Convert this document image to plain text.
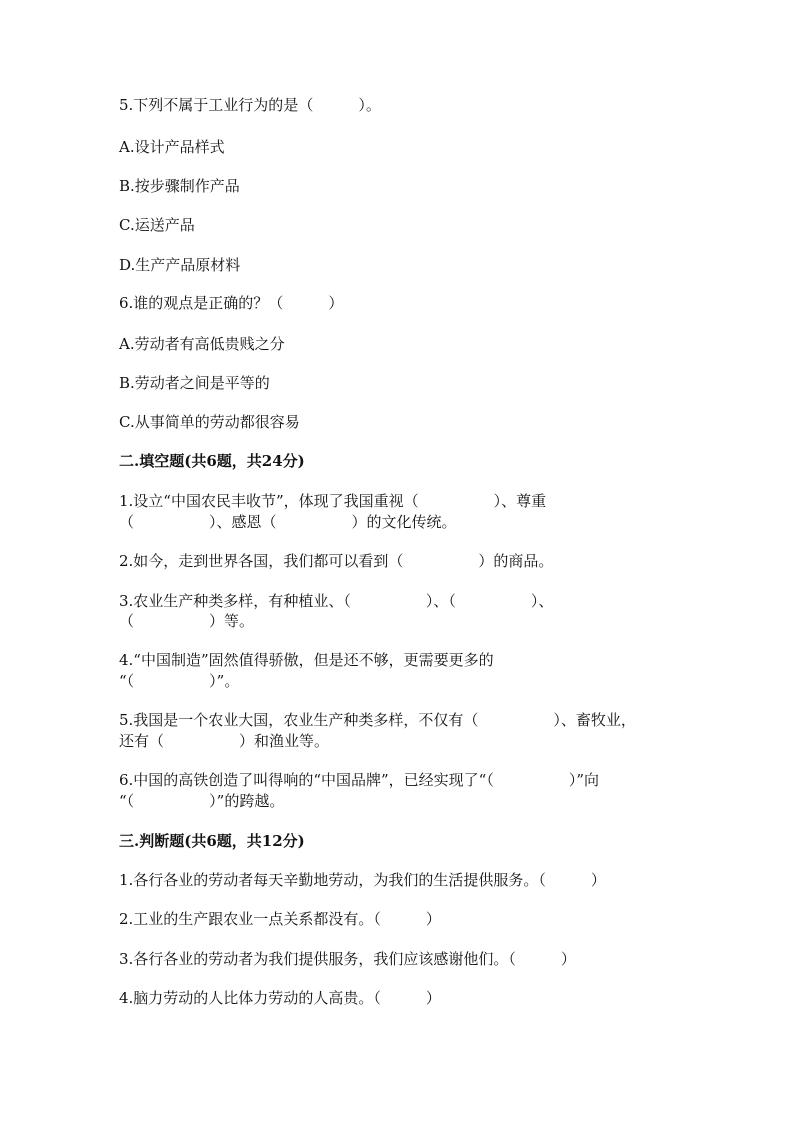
5.下列不属于工业行为的是（　　　）。
A.设计产品样式
B.按步骤制作产品
C.运送产品
D.生产产品原材料
6.谁的观点是正确的？（　　　）
A.劳动者有高低贵贱之分
B.劳动者之间是平等的
C.从事简单的劳动都很容易
二.填空题(共6题，共24分)
1.设立“中国农民丰收节”，体现了我国重视（　　　　　）、尊重
（　　　　　）、感恩（　　　　　）的文化传统。
2.如今，走到世界各国，我们都可以看到（　　　　　）的商品。
3.农业生产种类多样，有种植业、（　　　　　）、（　　　　　）、
（　　　　　）等。
4.“中国制造”固然值得骄傲，但是还不够，更需要更多的
“（　　　　　）”。
5.我国是一个农业大国，农业生产种类多样，不仅有（　　　　　）、畜牧业，
还有（　　　　　）和渔业等。
6.中国的高铁创造了叫得响的“中国品牌”，已经实现了“（　　　　　）”向
“（　　　　　）”的跨越。
三.判断题(共6题，共12分)
1.各行各业的劳动者每天辛勤地劳动，为我们的生活提供服务。（　　　）
2.工业的生产跟农业一点关系都没有。（　　　）
3.各行各业的劳动者为我们提供服务，我们应该感谢他们。（　　　）
4.脑力劳动的人比体力劳动的人高贵。（　　　）
